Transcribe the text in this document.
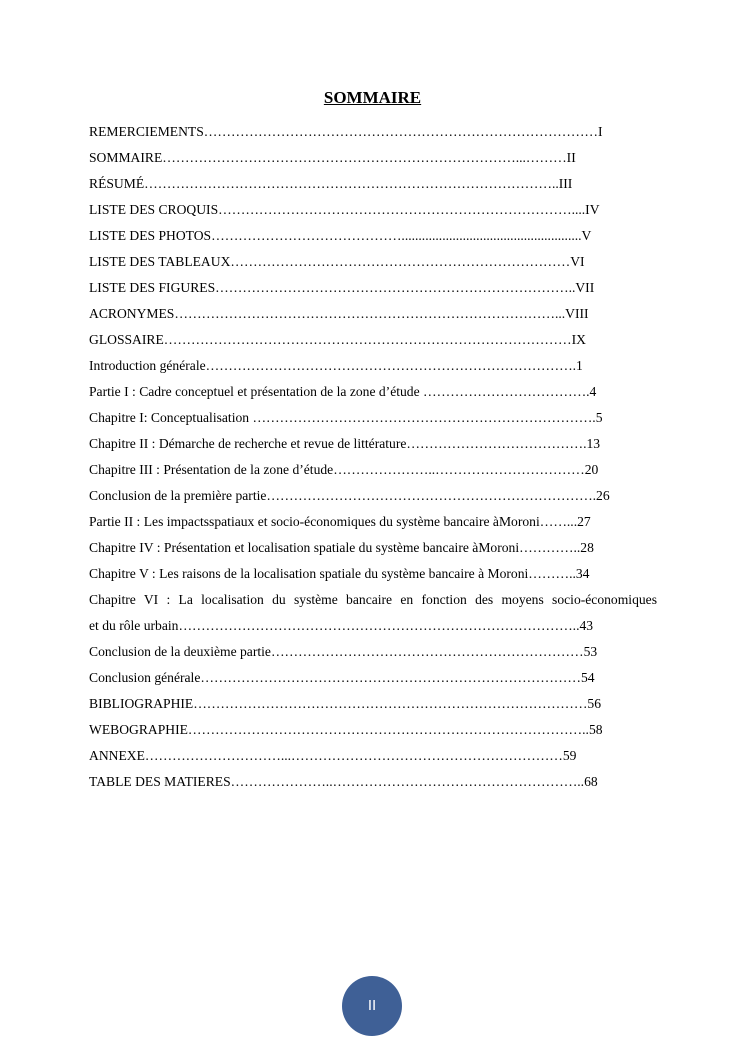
SOMMAIRE
REMERCIEMENTS……………………………………………………………………………I
SOMMAIRE……………………………………………………………………...………II
RÉSUMÉ………………………………………………………………………………..III
LISTE DES CROQUIS……………………………………………………………………....IV
LISTE DES PHOTOS…………………………………….....................................................V
LISTE DES TABLEAUX…………………………………………………………………VI
LISTE DES FIGURES……………………………………………………………………..VII
ACRONYMES…………………………………………………………………………...VIII
GLOSSAIRE………………………………………………………………………………IX
Introduction générale……………………………………………………………………….1
Partie I : Cadre conceptuel et présentation de la zone d’étude ……………………………….4
Chapitre I: Conceptualisation ………………………………………………………………….5
Chapitre II : Démarche de recherche et revue de littérature………………………………….13
Chapitre III : Présentation de la zone d’étude…………………..……………………………20
Conclusion de la première partie……………………………………………………………….26
Partie II : Les impactsspatiaux et socio-économiques du système bancaire àMoroni……...27
Chapitre IV : Présentation et localisation spatiale du système bancaire àMoroni…………..28
Chapitre V : Les raisons de la localisation spatiale du système bancaire à Moroni………..34
Chapitre VI : La localisation du système bancaire en fonction des moyens socio-économiques
et du rôle urbain……………………………………………………………………………..43
Conclusion de la deuxième partie……………………………………………………………53
Conclusion générale…………………………………………………………………………54
BIBLIOGRAPHIE……………………………………………………………………………56
WEBOGRAPHIE……………………………………………………………………………..58
ANNEXE…………………………...……………………………………………………59
TABLE DES MATIERES…………………..………………………………………………..68
II
